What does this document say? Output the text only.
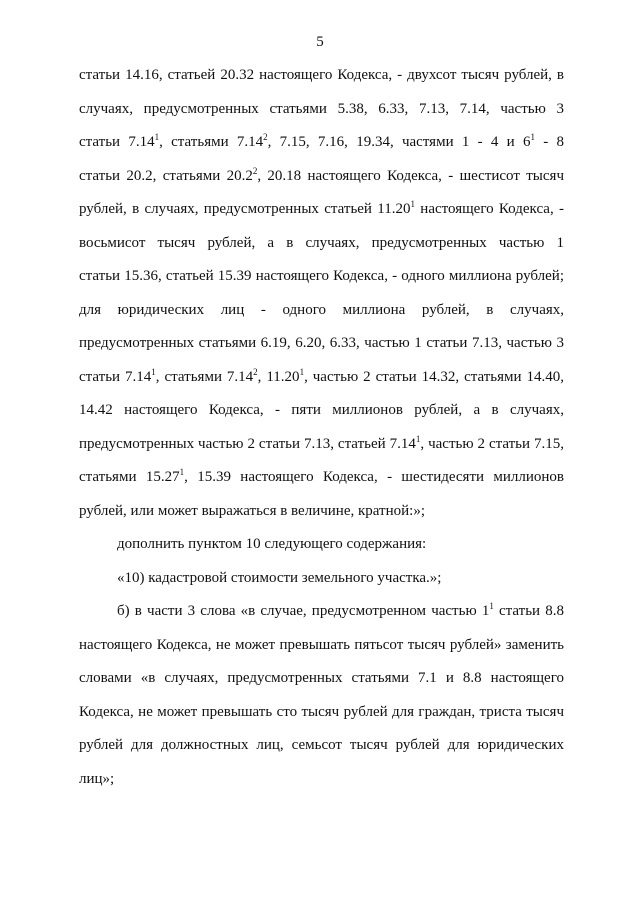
5
статьи 14.16, статьей 20.32 настоящего Кодекса, - двухсот тысяч рублей, в
случаях, предусмотренных статьями 5.38, 6.33, 7.13, 7.14, частью 3
статьи 7.14$^1$, статьями 7.14$^2$, 7.15, 7.16, 19.34, частями 1 - 4 и $6^1 - 8$
статьи 20.2, статьями 20.2$^2$, 20.18 настоящего Кодекса, - шестисот тысяч
рублей, в случаях, предусмотренных статьей 11.20$^1$ настоящего Кодекса, -
восьмисот тысяч рублей, а в случаях, предусмотренных частью 1
статьи 15.36, статьей 15.39 настоящего Кодекса, - одного миллиона рублей;
для юридических лиц - одного миллиона рублей, в случаях,
предусмотренных статьями 6.19, 6.20, 6.33, частью 1 статьи 7.13, частью 3
статьи 7.14$^1$, статьями 7.14$^2$, 11.20$^1$, частью 2 статьи 14.32, статьями 14.40,
14.42 настоящего Кодекса, - пяти миллионов рублей, а в случаях,
предусмотренных частью 2 статьи 7.13, статьей 7.14$^1$, частью 2 статьи 7.15,
статьями 15.27$^1$, 15.39 настоящего Кодекса, - шестидесяти миллионов
рублей, или может выражаться в величине, кратной:»;
дополнить пунктом 10 следующего содержания:
«10) кадастровой стоимости земельного участка.»;
б) в части 3 слова «в случае, предусмотренном частью $1^1$ статьи 8.8
настоящего Кодекса, не может превышать пятьсот тысяч рублей» заменить
словами «в случаях, предусмотренных статьями 7.1 и 8.8 настоящего
Кодекса, не может превышать сто тысяч рублей для граждан, триста тысяч
рублей для должностных лиц, семьсот тысяч рублей для юридических
лиц»;
